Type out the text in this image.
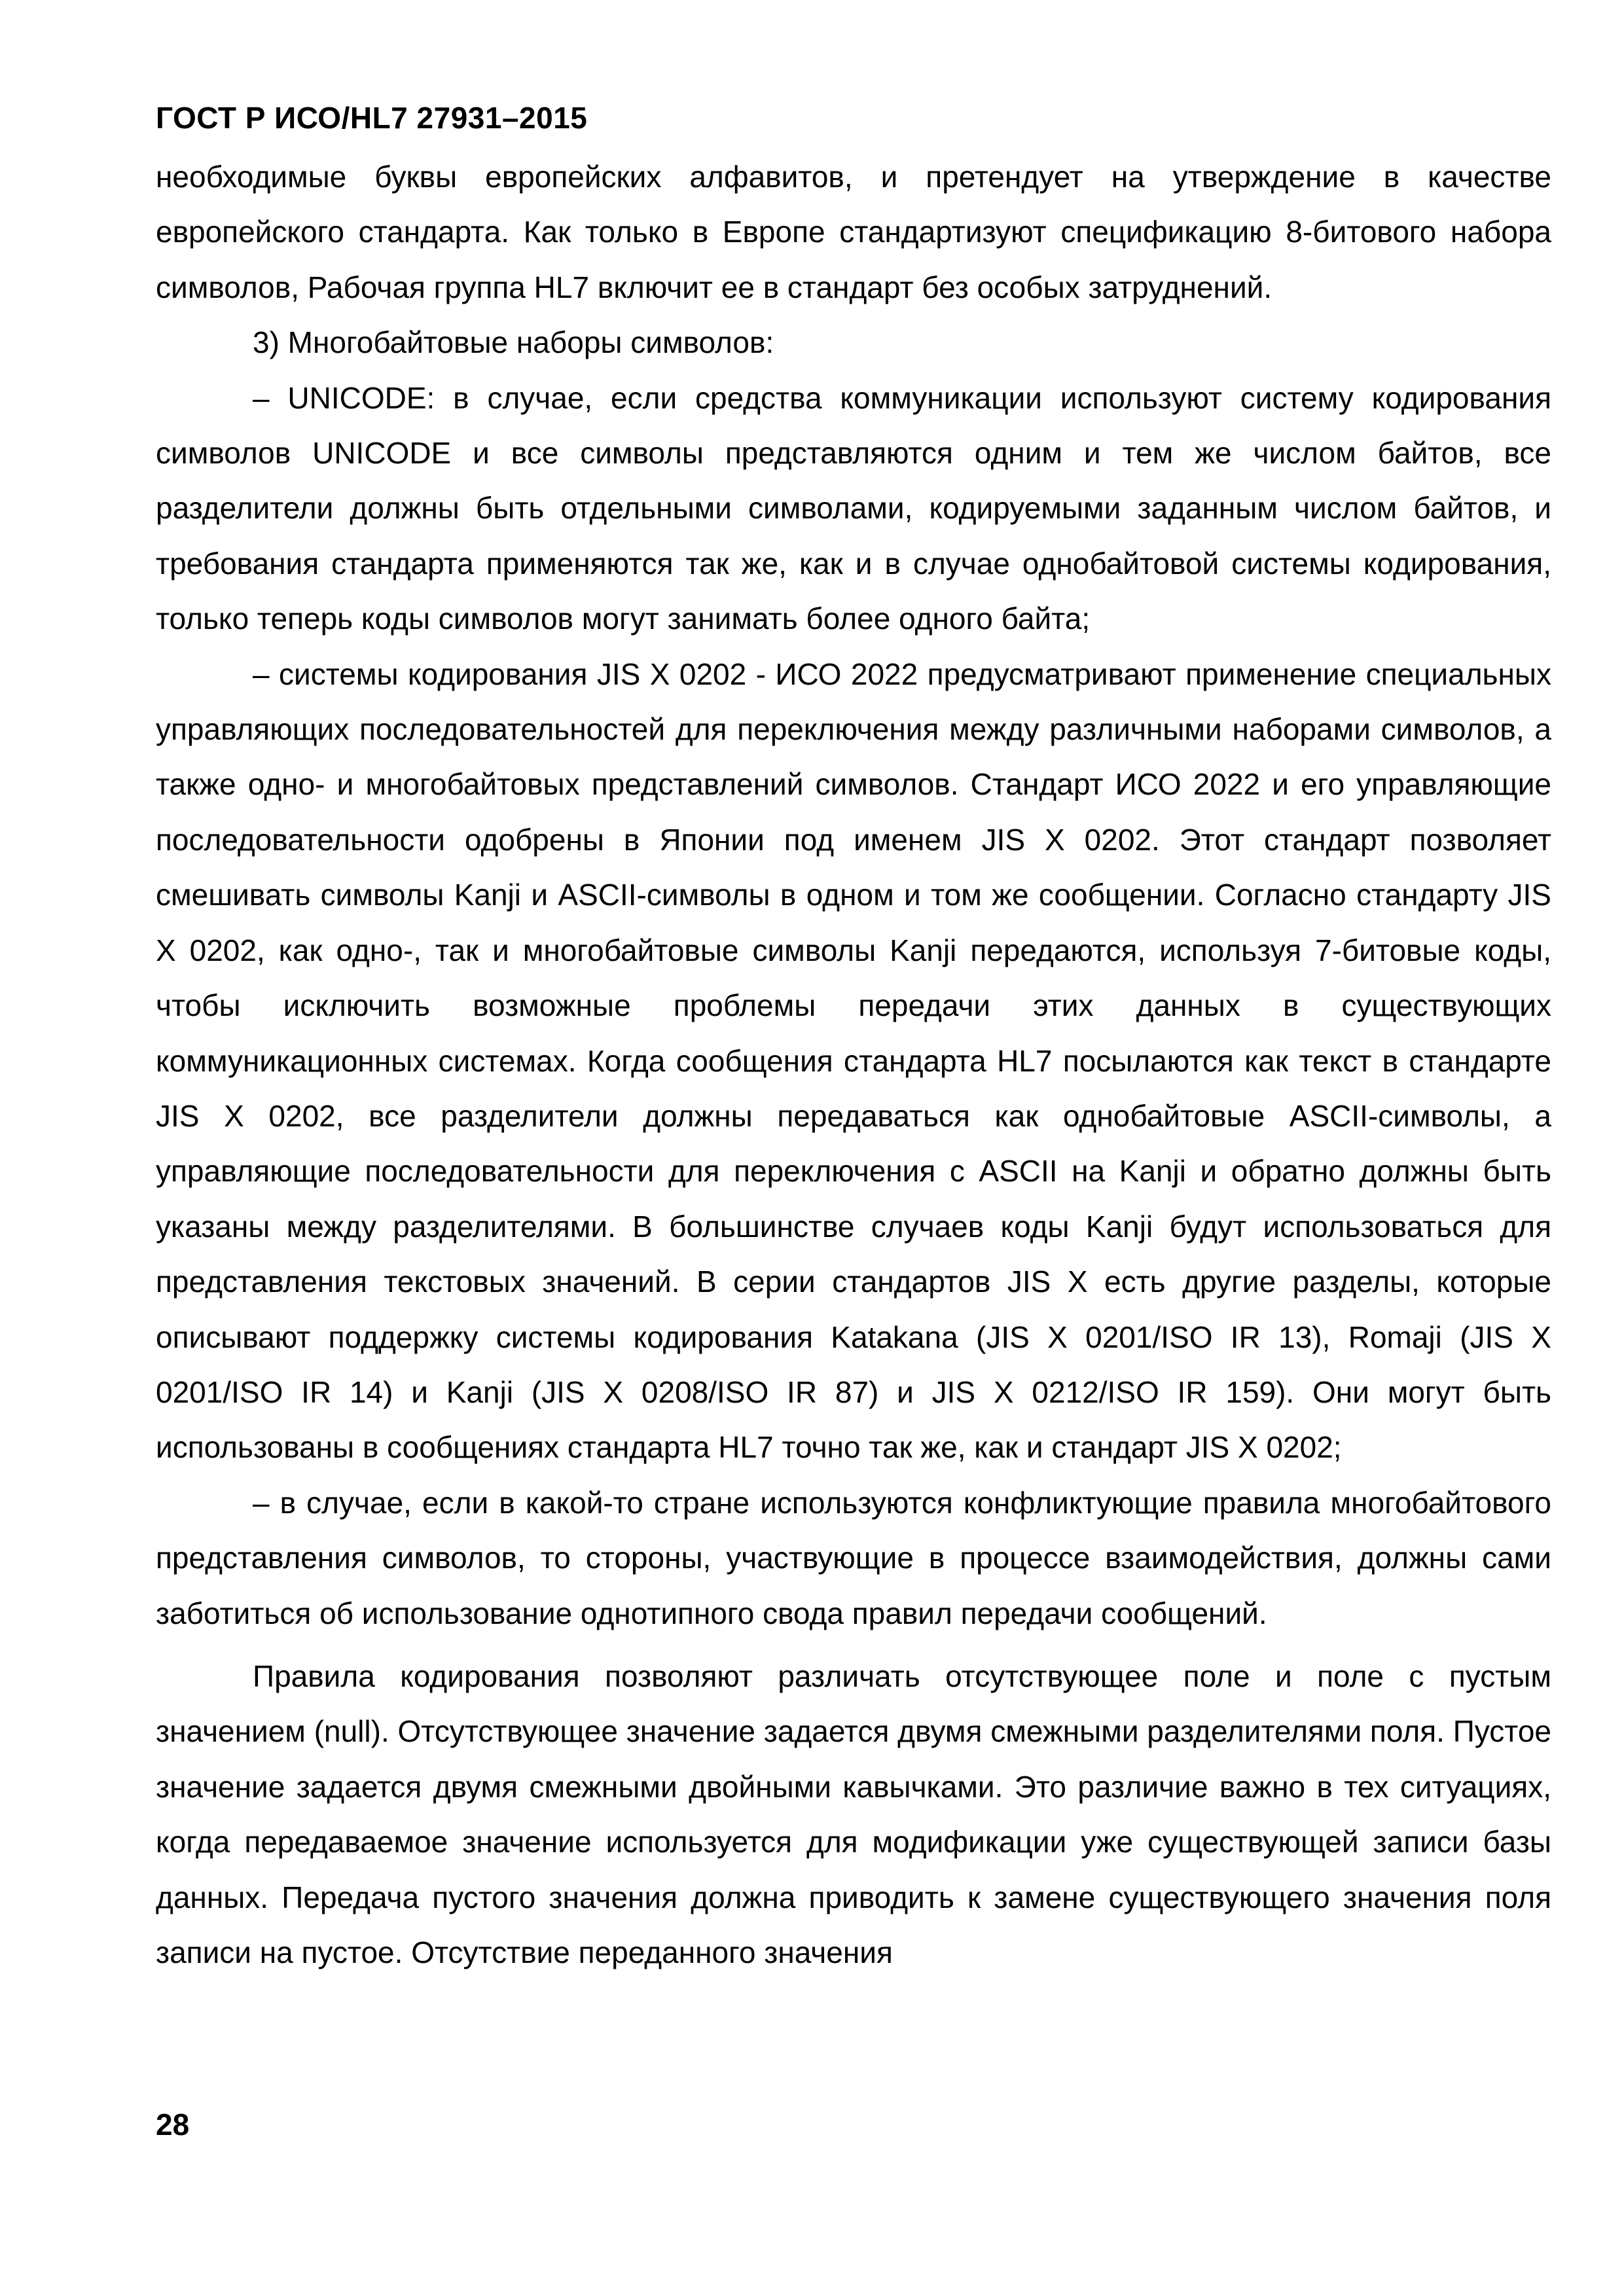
ГОСТ Р ИСО/HL7 27931–2015

необходимые буквы европейских алфавитов, и претендует на утверждение в качестве европейского стандарта. Как только в Европе стандартизуют спецификацию 8-битового набора символов, Рабочая группа HL7 включит ее в стандарт без особых затруднений.

3) Многобайтовые наборы символов:

– UNICODE: в случае, если средства коммуникации используют систему кодирования символов UNICODE и все символы представляются одним и тем же числом байтов, все разделители должны быть отдельными символами, кодируемыми заданным числом байтов, и требования стандарта применяются так же, как и в случае однобайтовой системы кодирования, только теперь коды символов могут занимать более одного байта;

– системы кодирования JIS X 0202 - ИСО 2022 предусматривают применение специальных управляющих последовательностей для переключения между различными наборами символов, а также одно- и многобайтовых представлений символов. Стандарт ИСО 2022 и его управляющие последовательности одобрены в Японии под именем JIS X 0202. Этот стандарт позволяет смешивать символы Kanji и ASCII-символы в одном и том же сообщении. Согласно стандарту JIS X 0202, как одно-, так и многобайтовые символы Kanji передаются, используя 7-битовые коды, чтобы исключить возможные проблемы передачи этих данных в существующих коммуникационных системах. Когда сообщения стандарта HL7 посылаются как текст в стандарте JIS X 0202, все разделители должны передаваться как однобайтовые ASCII-символы, а управляющие последовательности для переключения с ASCII на Kanji и обратно должны быть указаны между разделителями. В большинстве случаев коды Kanji будут использоваться для представления текстовых значений. В серии стандартов JIS X есть другие разделы, которые описывают поддержку системы кодирования Katakana (JIS X 0201/ISO IR 13), Romaji (JIS X 0201/ISO IR 14) и Kanji (JIS X 0208/ISO IR 87) и JIS X 0212/ISO IR 159). Они могут быть использованы в сообщениях стандарта HL7 точно так же, как и стандарт JIS X 0202;

– в случае, если в какой-то стране используются конфликтующие правила многобайтового представления символов, то стороны, участвующие в процессе взаимодействия, должны сами заботиться об использование однотипного свода правил передачи сообщений.

Правила кодирования позволяют различать отсутствующее поле и поле с пустым значением (null). Отсутствующее значение задается двумя смежными разделителями поля. Пустое значение задается двумя смежными двойными кавычками. Это различие важно в тех ситуациях, когда передаваемое значение используется для модификации уже существующей записи базы данных. Передача пустого значения должна приводить к замене существующего значения поля записи на пустое. Отсутствие переданного значения

28
